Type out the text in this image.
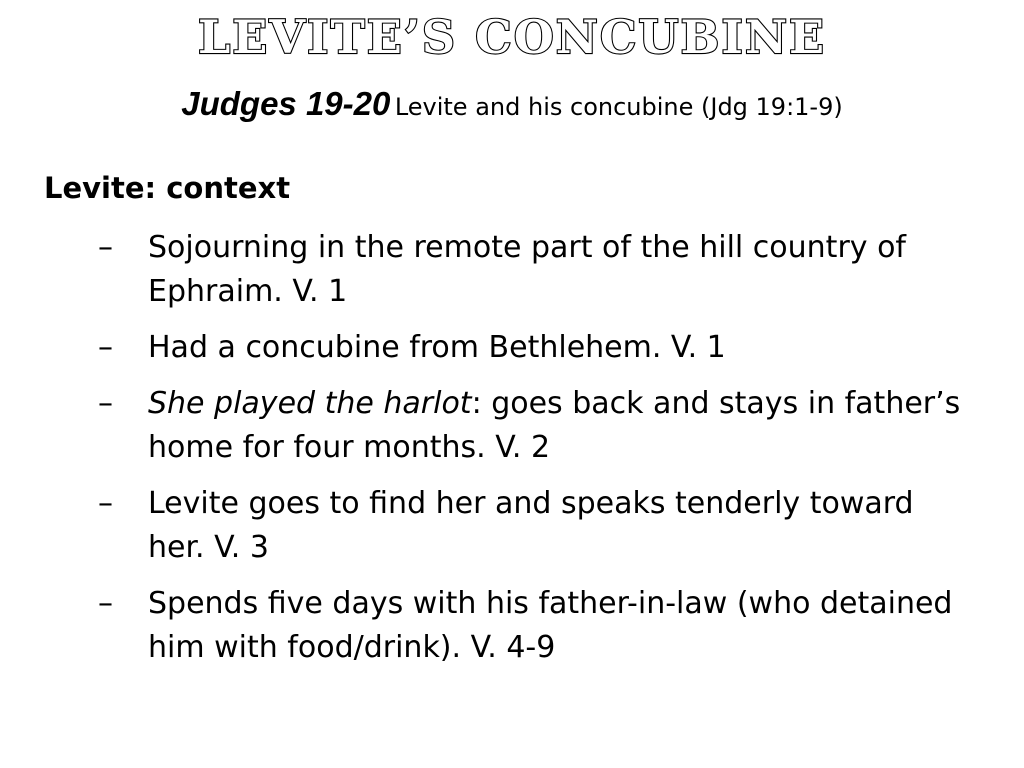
LEVITE’S CONCUBINE
Judges 19-20 Levite and his concubine (Jdg 19:1-9)
Levite: context
– Sojourning in the remote part of the hill country of Ephraim. V. 1
– Had a concubine from Bethlehem. V. 1
– She played the harlot: goes back and stays in father’s home for four months. V. 2
– Levite goes to find her and speaks tenderly toward her. V. 3
– Spends five days with his father-in-law (who detained him with food/drink). V. 4-9
